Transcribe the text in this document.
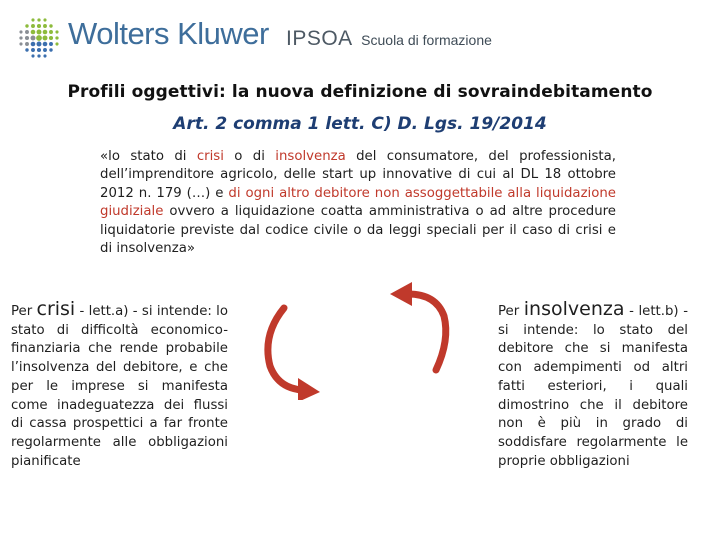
Wolters Kluwer IPSOA Scuola di formazione
Profili oggettivi: la nuova definizione di sovraindebitamento
Art. 2 comma 1 lett. C) D. Lgs. 19/2014
«lo stato di crisi o di insolvenza del consumatore, del professionista, dell’imprenditore agricolo, delle start up innovative di cui al DL 18 ottobre 2012 n. 179 (…) e di ogni altro debitore non assoggettabile alla liquidazione giudiziale ovvero a liquidazione coatta amministrativa o ad altre procedure liquidatorie previste dal codice civile o da leggi speciali per il caso di crisi e di insolvenza»
Per crisi - lett.a) - si intende: lo stato di difficoltà economico-finanziaria che rende probabile l’insolvenza del debitore, e che per le imprese si manifesta come inadeguatezza dei flussi di cassa prospettici a far fronte regolarmente alle obbligazioni pianificate
Per insolvenza - lett.b) - si intende: lo stato del debitore che si manifesta con adempimenti od altri fatti esteriori, i quali dimostrino che il debitore non è più in grado di soddisfare regolarmente le proprie obbligazioni
